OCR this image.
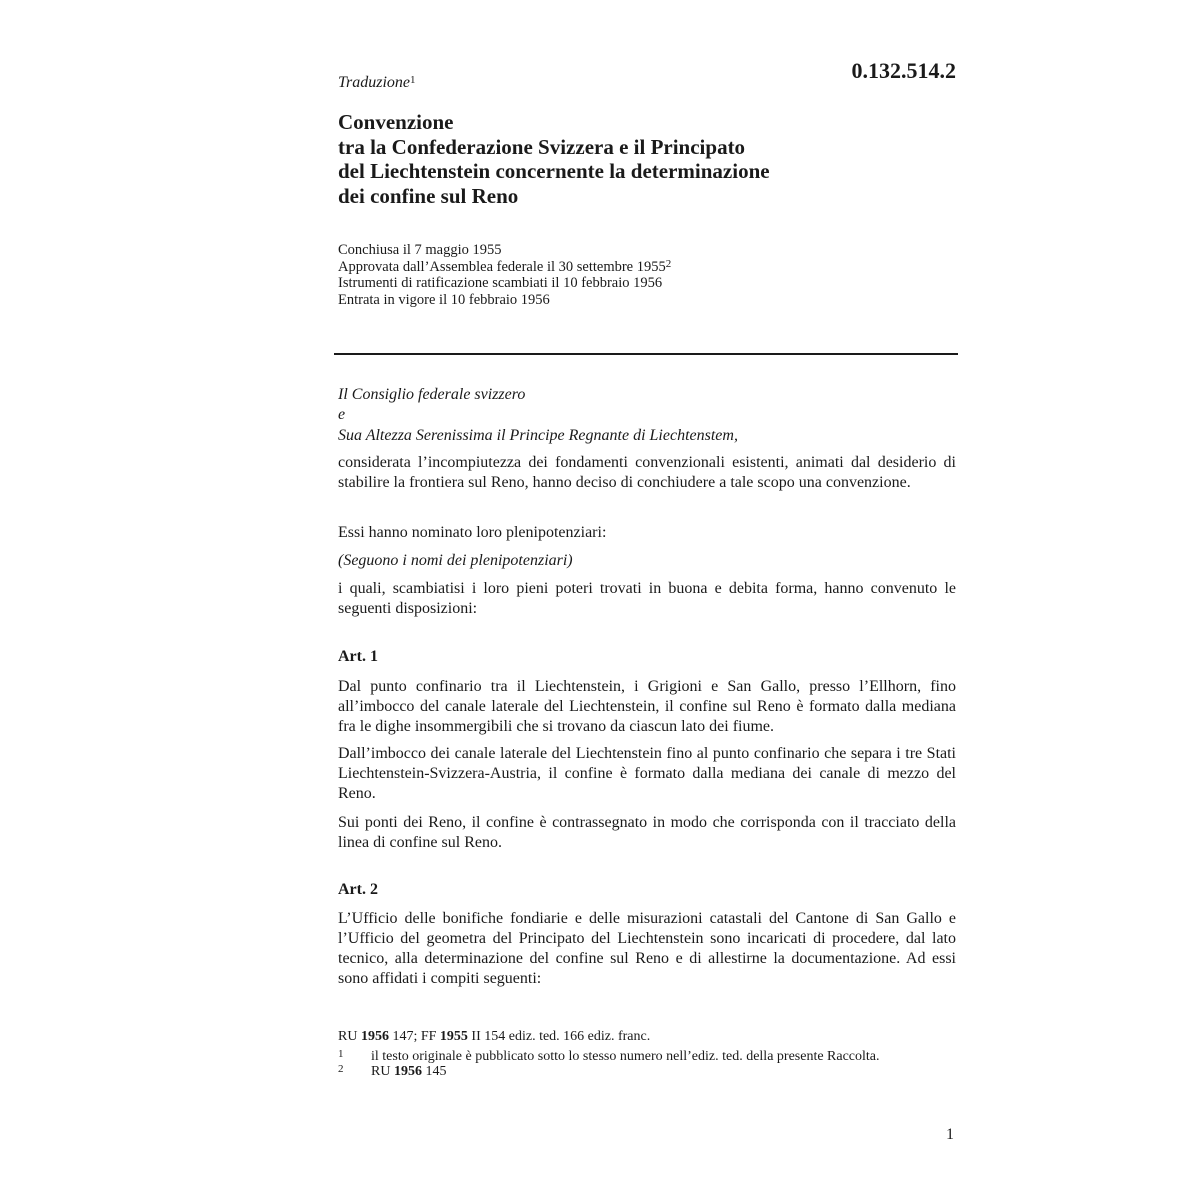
0.132.514.2
Traduzione$^1$
Convenzione
tra la Confederazione Svizzera e il Principato
del Liechtenstein concernente la determinazione
dei confine sul Reno
Conchiusa il 7 maggio 1955
Approvata dall’Assemblea federale il 30 settembre 1955$^2$
Istrumenti di ratificazione scambiati il 10 febbraio 1956
Entrata in vigore il 10 febbraio 1956
Il Consiglio federale svizzero
e
Sua Altezza Serenissima il Principe Regnante di Liechtenstem,
considerata l’incompiutezza dei fondamenti convenzionali esistenti, animati dal desiderio di stabilire la frontiera sul Reno, hanno deciso di conchiudere a tale scopo una convenzione.
Essi hanno nominato loro plenipotenziari:
(Seguono i nomi dei plenipotenziari)
i quali, scambiatisi i loro pieni poteri trovati in buona e debita forma, hanno convenuto le seguenti disposizioni:
Art. 1
Dal punto confinario tra il Liechtenstein, i Grigioni e San Gallo, presso l’Ellhorn, fino all’imbocco del canale laterale del Liechtenstein, il confine sul Reno è formato dalla mediana fra le dighe insommergibili che si trovano da ciascun lato dei fiume.
Dall’imbocco dei canale laterale del Liechtenstein fino al punto confinario che separa i tre Stati Liechtenstein-Svizzera-Austria, il confine è formato dalla mediana dei canale di mezzo del Reno.
Sui ponti dei Reno, il confine è contrassegnato in modo che corrisponda con il tracciato della linea di confine sul Reno.
Art. 2
L’Ufficio delle bonifiche fondiarie e delle misurazioni catastali del Cantone di San Gallo e l’Ufficio del geometra del Principato del Liechtenstein sono incaricati di procedere, dal lato tecnico, alla determinazione del confine sul Reno e di allestirne la documentazione. Ad essi sono affidati i compiti seguenti:
RU 1956 147; FF 1955 II 154 ediz. ted. 166 ediz. franc.
1 il testo originale è pubblicato sotto lo stesso numero nell’ediz. ted. della presente Raccolta.
2 RU 1956 145
1
